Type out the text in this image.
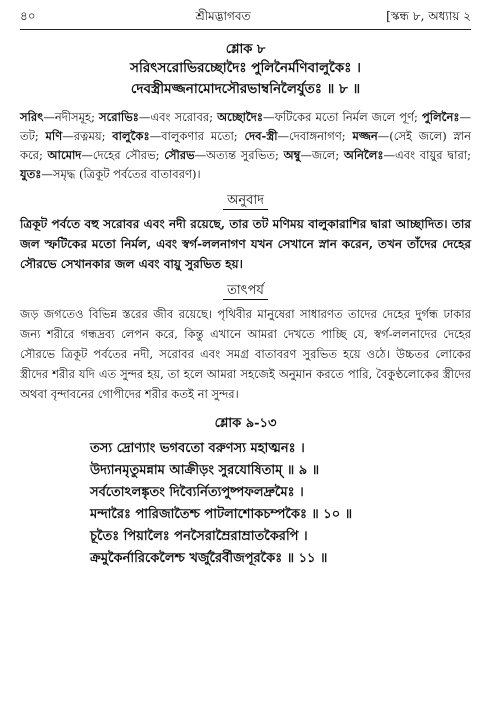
৪০	শ্রীমদ্ভাগবত	[স্কন্ধ ৮, অধ্যায় ২
শ্লোক ৮
সরিৎসরোভিরচ্ছোদৈঃ পুলিনৈর্মণিবালুকৈঃ ।
দেবস্ত্রীমজ্জনামোদসৌরভাম্বনিলৈর্যুতঃ ॥ ৮ ॥
সরিৎ—নদীসমূহ; সরোভিঃ—এবং সরোবর; অচ্ছোদৈঃ—ফটিকের মতো নির্মল জলে পূর্ণ; পুলিনৈঃ—তট; মণি—রত্নময়; বালুকৈঃ—বালুকণার মতো; দেব-স্ত্রী—দেবাঙ্গনাগণ; মজ্জন—(সেই জলে) স্নান করে; আমোদ—দেহের সৌরভ; সৌরভ—অত্যন্ত সুরভিত; অম্বু—জলে; অনিলৈঃ—এবং বায়ুর দ্বারা; যুতঃ—সমৃদ্ধ (ত্রিকূট পর্বতের বাতাবরণ)।
অনুবাদ
ত্রিকূট পর্বতে বহু সরোবর এবং নদী রয়েছে, তার তট মণিময় বালুকারাশির দ্বারা আচ্ছাদিত। তার জল স্ফটিকের মতো নির্মল, এবং স্বর্গ-ললনাগণ যখন সেখানে স্নান করেন, তখন তাঁদের দেহের সৌরভে সেখানকার জল এবং বায়ু সুরভিত হয়।
তাৎপর্য
জড় জগতেও বিভিন্ন স্তরের জীব রয়েছে। পৃথিবীর মানুষেরা সাধারণত তাদের দেহের দুর্গন্ধ ঢাকার জন্য শরীরে গন্ধদ্রব্য লেপন করে, কিন্তু এখানে আমরা দেখতে পাচ্ছি যে, স্বর্গ-ললনাদের দেহের সৌরভে ত্রিকূট পর্বতের নদী, সরোবর এবং সমগ্র বাতাবরণ সুরভিত হয়ে ওঠে। উচ্চতর লোকের স্ত্রীদের শরীর যদি এত সুন্দর হয়, তা হলে আমরা সহজেই অনুমান করতে পারি, বৈকুণ্ঠলোকের স্ত্রীদের অথবা বৃন্দাবনের গোপীদের শরীর কতই না সুন্দর।
শ্লোক ৯-১৩
তস্য দ্রোণ্যাং ভগবতো বরুণস্য মহাত্মনঃ ।
উদ্যানমৃতুমন্নাম আক্রীড়ং সুরযোষিতাম্ ॥ ৯ ॥
সর্বতোঽলঙ্কৃতং দিব্যৈর্নিত্যপুষ্পফলদ্রুমৈঃ ।
মন্দারৈঃ পারিজাতৈশ্চ পাটলাশোকচম্পকৈঃ ॥ ১০ ॥
চূতৈঃ পিয়ালৈঃ পনসৈরাম্রৈরাম্রাতকৈরপি ।
ক্রমুকৈর্নারিকেলৈশ্চ খর্জুরৈর্বীজপূরকৈঃ ॥ ১১ ॥
